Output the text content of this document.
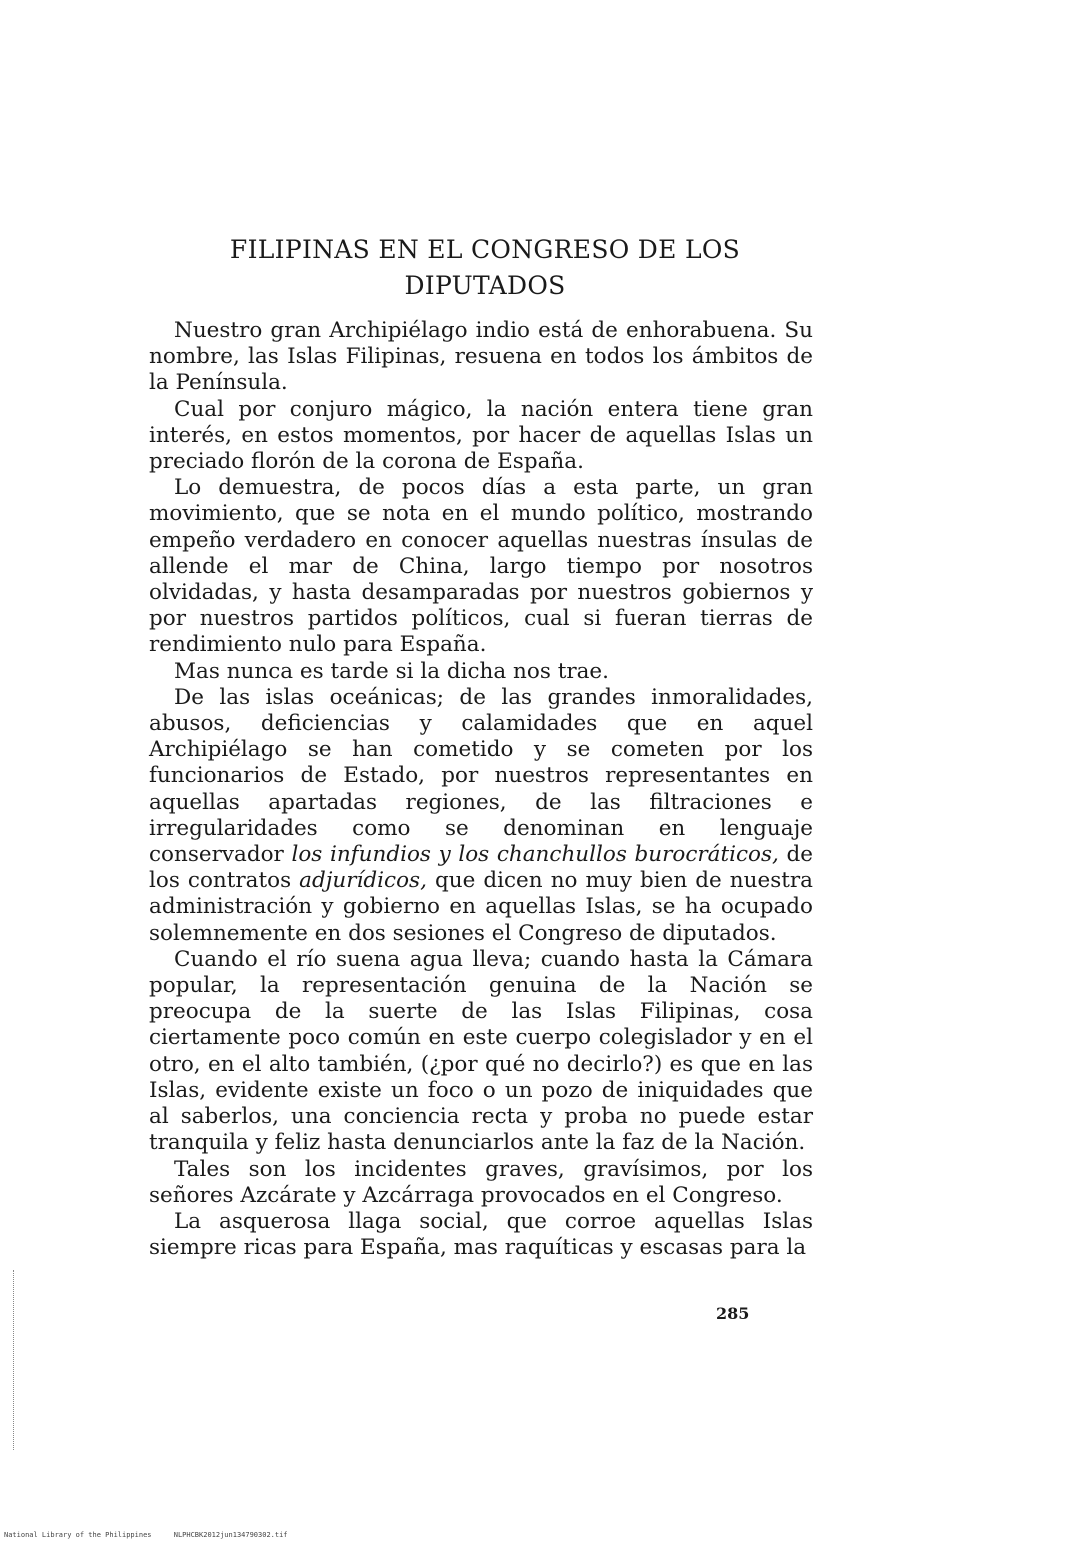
FILIPINAS EN EL CONGRESO DE LOS
DIPUTADOS

Nuestro gran Archipiélago indio está de enhorabuena. Su nombre, las Islas Filipinas, resuena en todos los ámbitos de la Península.

Cual por conjuro mágico, la nación entera tiene gran interés, en estos momentos, por hacer de aquellas Islas un preciado florón de la corona de España.

Lo demuestra, de pocos días a esta parte, un gran movimiento, que se nota en el mundo político, mostrando empeño verdadero en conocer aquellas nuestras ínsulas de allende el mar de China, largo tiempo por nosotros olvidadas, y hasta desamparadas por nuestros gobiernos y por nuestros partidos políticos, cual si fueran tierras de rendimiento nulo para España.

Mas nunca es tarde si la dicha nos trae.

De las islas oceánicas; de las grandes inmoralidades, abusos, deficiencias y calamidades que en aquel Archipiélago se han cometido y se cometen por los funcionarios de Estado, por nuestros representantes en aquellas apartadas regiones, de las filtraciones e irregularidades como se denominan en lenguaje conservador los infundios y los chanchullos burocráticos, de los contratos adjurídicos, que dicen no muy bien de nuestra administración y gobierno en aquellas Islas, se ha ocupado solemnemente en dos sesiones el Congreso de diputados.

Cuando el río suena agua lleva; cuando hasta la Cámara popular, la representación genuina de la Nación se preocupa de la suerte de las Islas Filipinas, cosa ciertamente poco común en este cuerpo colegislador y en el otro, en el alto también, (¿por qué no decirlo?) es que en las Islas, evidente existe un foco o un pozo de iniquidades que al saberlos, una conciencia recta y proba no puede estar tranquila y feliz hasta denunciarlos ante la faz de la Nación.

Tales son los incidentes graves, gravísimos, por los señores Azcárate y Azcárraga provocados en el Congreso.

La asquerosa llaga social, que corroe aquellas Islas siempre ricas para España, mas raquíticas y escasas para la

285
National Library of the Philippines	NLPHCBK2012jun134790302.tif
